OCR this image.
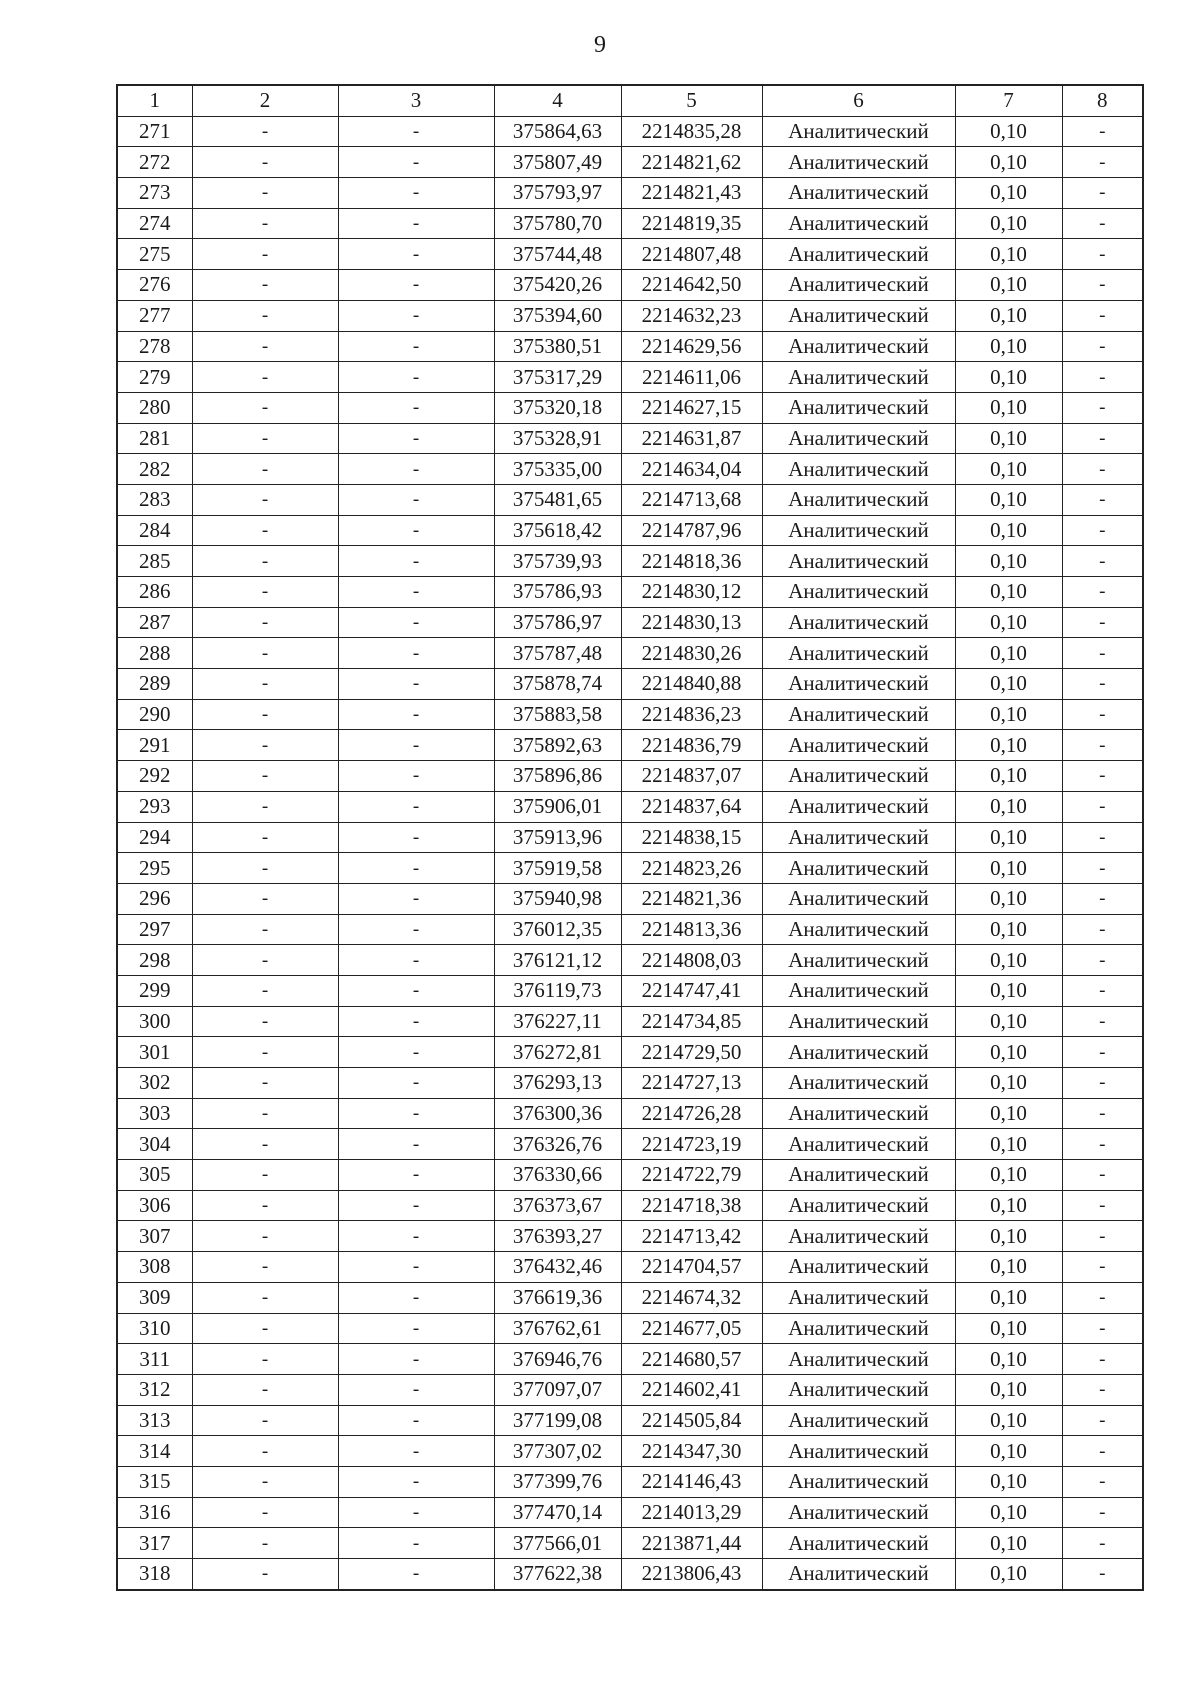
9
1	2	3	4	5	6	7	8
271	-	-	375864,63	2214835,28	Аналитический	0,10	-
272	-	-	375807,49	2214821,62	Аналитический	0,10	-
273	-	-	375793,97	2214821,43	Аналитический	0,10	-
274	-	-	375780,70	2214819,35	Аналитический	0,10	-
275	-	-	375744,48	2214807,48	Аналитический	0,10	-
276	-	-	375420,26	2214642,50	Аналитический	0,10	-
277	-	-	375394,60	2214632,23	Аналитический	0,10	-
278	-	-	375380,51	2214629,56	Аналитический	0,10	-
279	-	-	375317,29	2214611,06	Аналитический	0,10	-
280	-	-	375320,18	2214627,15	Аналитический	0,10	-
281	-	-	375328,91	2214631,87	Аналитический	0,10	-
282	-	-	375335,00	2214634,04	Аналитический	0,10	-
283	-	-	375481,65	2214713,68	Аналитический	0,10	-
284	-	-	375618,42	2214787,96	Аналитический	0,10	-
285	-	-	375739,93	2214818,36	Аналитический	0,10	-
286	-	-	375786,93	2214830,12	Аналитический	0,10	-
287	-	-	375786,97	2214830,13	Аналитический	0,10	-
288	-	-	375787,48	2214830,26	Аналитический	0,10	-
289	-	-	375878,74	2214840,88	Аналитический	0,10	-
290	-	-	375883,58	2214836,23	Аналитический	0,10	-
291	-	-	375892,63	2214836,79	Аналитический	0,10	-
292	-	-	375896,86	2214837,07	Аналитический	0,10	-
293	-	-	375906,01	2214837,64	Аналитический	0,10	-
294	-	-	375913,96	2214838,15	Аналитический	0,10	-
295	-	-	375919,58	2214823,26	Аналитический	0,10	-
296	-	-	375940,98	2214821,36	Аналитический	0,10	-
297	-	-	376012,35	2214813,36	Аналитический	0,10	-
298	-	-	376121,12	2214808,03	Аналитический	0,10	-
299	-	-	376119,73	2214747,41	Аналитический	0,10	-
300	-	-	376227,11	2214734,85	Аналитический	0,10	-
301	-	-	376272,81	2214729,50	Аналитический	0,10	-
302	-	-	376293,13	2214727,13	Аналитический	0,10	-
303	-	-	376300,36	2214726,28	Аналитический	0,10	-
304	-	-	376326,76	2214723,19	Аналитический	0,10	-
305	-	-	376330,66	2214722,79	Аналитический	0,10	-
306	-	-	376373,67	2214718,38	Аналитический	0,10	-
307	-	-	376393,27	2214713,42	Аналитический	0,10	-
308	-	-	376432,46	2214704,57	Аналитический	0,10	-
309	-	-	376619,36	2214674,32	Аналитический	0,10	-
310	-	-	376762,61	2214677,05	Аналитический	0,10	-
311	-	-	376946,76	2214680,57	Аналитический	0,10	-
312	-	-	377097,07	2214602,41	Аналитический	0,10	-
313	-	-	377199,08	2214505,84	Аналитический	0,10	-
314	-	-	377307,02	2214347,30	Аналитический	0,10	-
315	-	-	377399,76	2214146,43	Аналитический	0,10	-
316	-	-	377470,14	2214013,29	Аналитический	0,10	-
317	-	-	377566,01	2213871,44	Аналитический	0,10	-
318	-	-	377622,38	2213806,43	Аналитический	0,10	-
